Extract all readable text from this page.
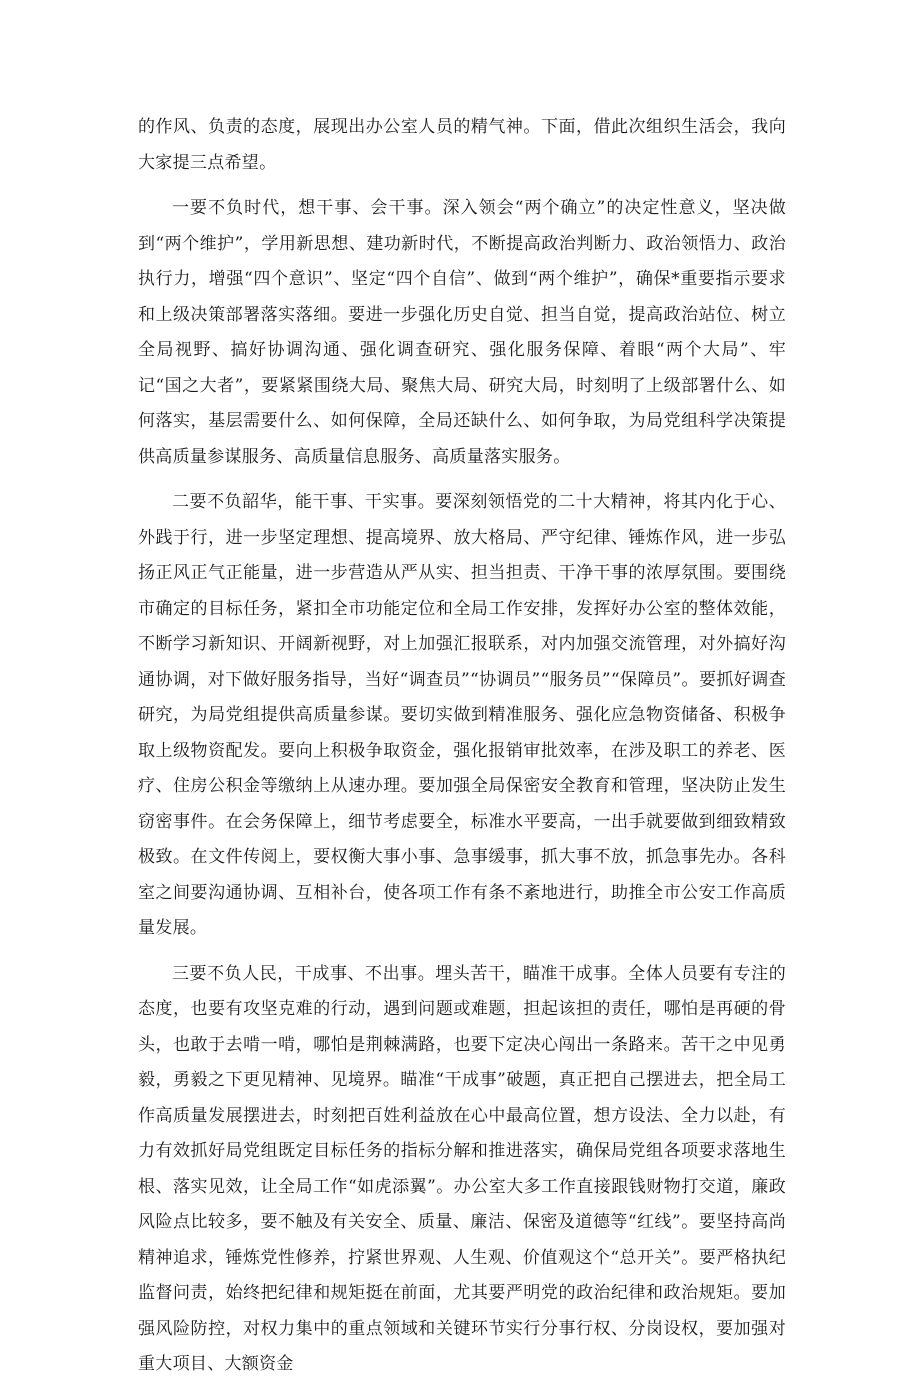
的作风、负责的态度，展现出办公室人员的精气神。下面，借此次组织生活会，我向大家提三点希望。

一要不负时代，想干事、会干事。深入领会“两个确立”的决定性意义，坚决做到“两个维护”，学用新思想、建功新时代，不断提高政治判断力、政治领悟力、政治执行力，增强“四个意识”、坚定“四个自信”、做到“两个维护”，确保*重要指示要求和上级决策部署落实落细。要进一步强化历史自觉、担当自觉，提高政治站位、树立全局视野、搞好协调沟通、强化调查研究、强化服务保障、着眼“两个大局”、牢记“国之大者”，要紧紧围绕大局、聚焦大局、研究大局，时刻明了上级部署什么、如何落实，基层需要什么、如何保障，全局还缺什么、如何争取，为局党组科学决策提供高质量参谋服务、高质量信息服务、高质量落实服务。

二要不负韶华，能干事、干实事。要深刻领悟党的二十大精神，将其内化于心、外践于行，进一步坚定理想、提高境界、放大格局、严守纪律、锤炼作风，进一步弘扬正风正气正能量，进一步营造从严从实、担当担责、干净干事的浓厚氛围。要围绕市确定的目标任务，紧扣全市功能定位和全局工作安排，发挥好办公室的整体效能，不断学习新知识、开阔新视野，对上加强汇报联系，对内加强交流管理，对外搞好沟通协调，对下做好服务指导，当好“调查员”“协调员”“服务员”“保障员”。要抓好调查研究，为局党组提供高质量参谋。要切实做到精准服务、强化应急物资储备、积极争取上级物资配发。要向上积极争取资金，强化报销审批效率，在涉及职工的养老、医疗、住房公积金等缴纳上从速办理。要加强全局保密安全教育和管理，坚决防止发生窃密事件。在会务保障上，细节考虑要全，标准水平要高，一出手就要做到细致精致极致。在文件传阅上，要权衡大事小事、急事缓事，抓大事不放，抓急事先办。各科室之间要沟通协调、互相补台，使各项工作有条不紊地进行，助推全市公安工作高质量发展。

三要不负人民，干成事、不出事。埋头苦干，瞄准干成事。全体人员要有专注的态度，也要有攻坚克难的行动，遇到问题或难题，担起该担的责任，哪怕是再硬的骨头，也敢于去啃一啃，哪怕是荆棘满路，也要下定决心闯出一条路来。苦干之中见勇毅，勇毅之下更见精神、见境界。瞄准“干成事”破题，真正把自己摆进去，把全局工作高质量发展摆进去，时刻把百姓利益放在心中最高位置，想方设法、全力以赴，有力有效抓好局党组既定目标任务的指标分解和推进落实，确保局党组各项要求落地生根、落实见效，让全局工作“如虎添翼”。办公室大多工作直接跟钱财物打交道，廉政风险点比较多，要不触及有关安全、质量、廉洁、保密及道德等“红线”。要坚持高尚精神追求，锤炼党性修养，拧紧世界观、人生观、价值观这个“总开关”。要严格执纪监督问责，始终把纪律和规矩挺在前面，尤其要严明党的政治纪律和政治规矩。要加强风险防控，对权力集中的重点领域和关键环节实行分事行权、分岗设权，要加强对重大项目、大额资金
